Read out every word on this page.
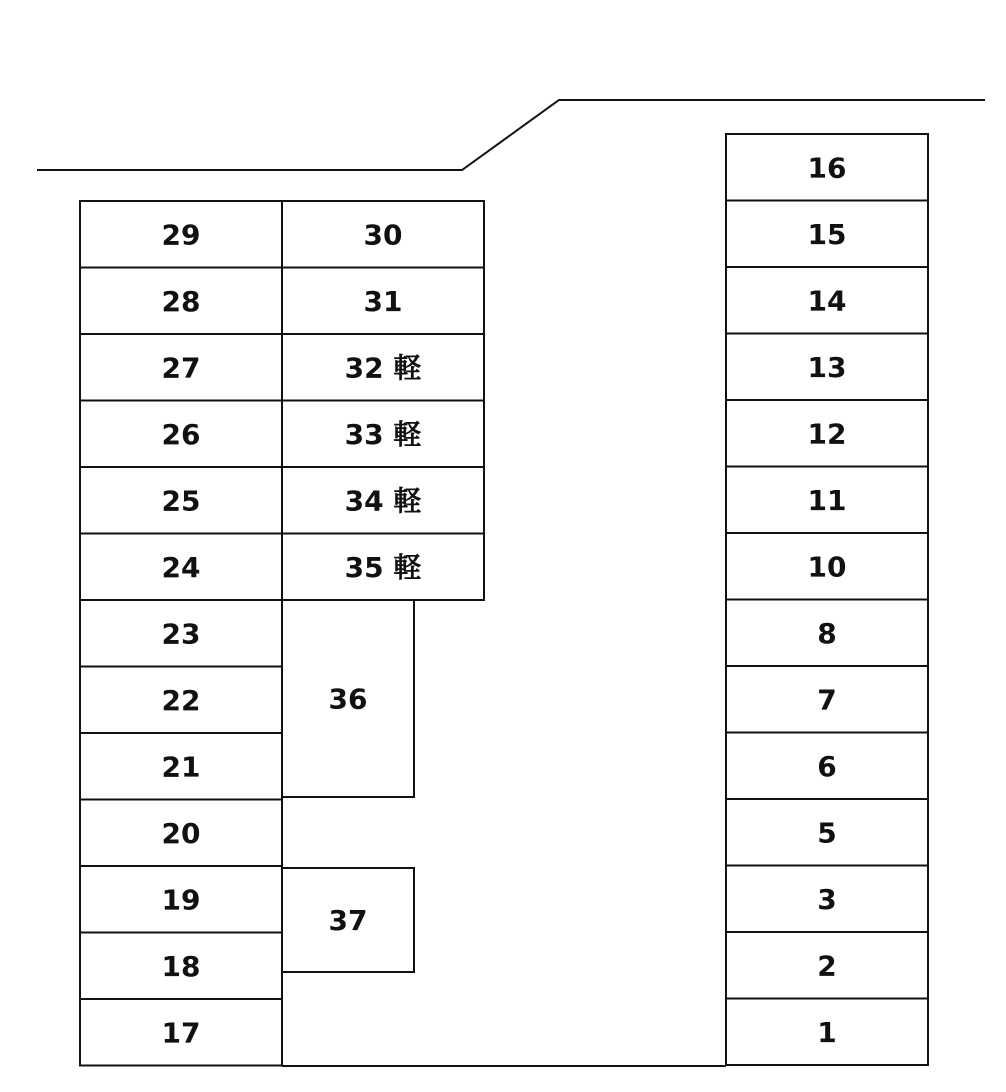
29
28
27
26
25
24
23
22
21
20
19
18
17
30
31
32 軽
33 軽
34 軽
35 軽
36
37
16
15
14
13
12
11
10
8
7
6
5
3
2
1
